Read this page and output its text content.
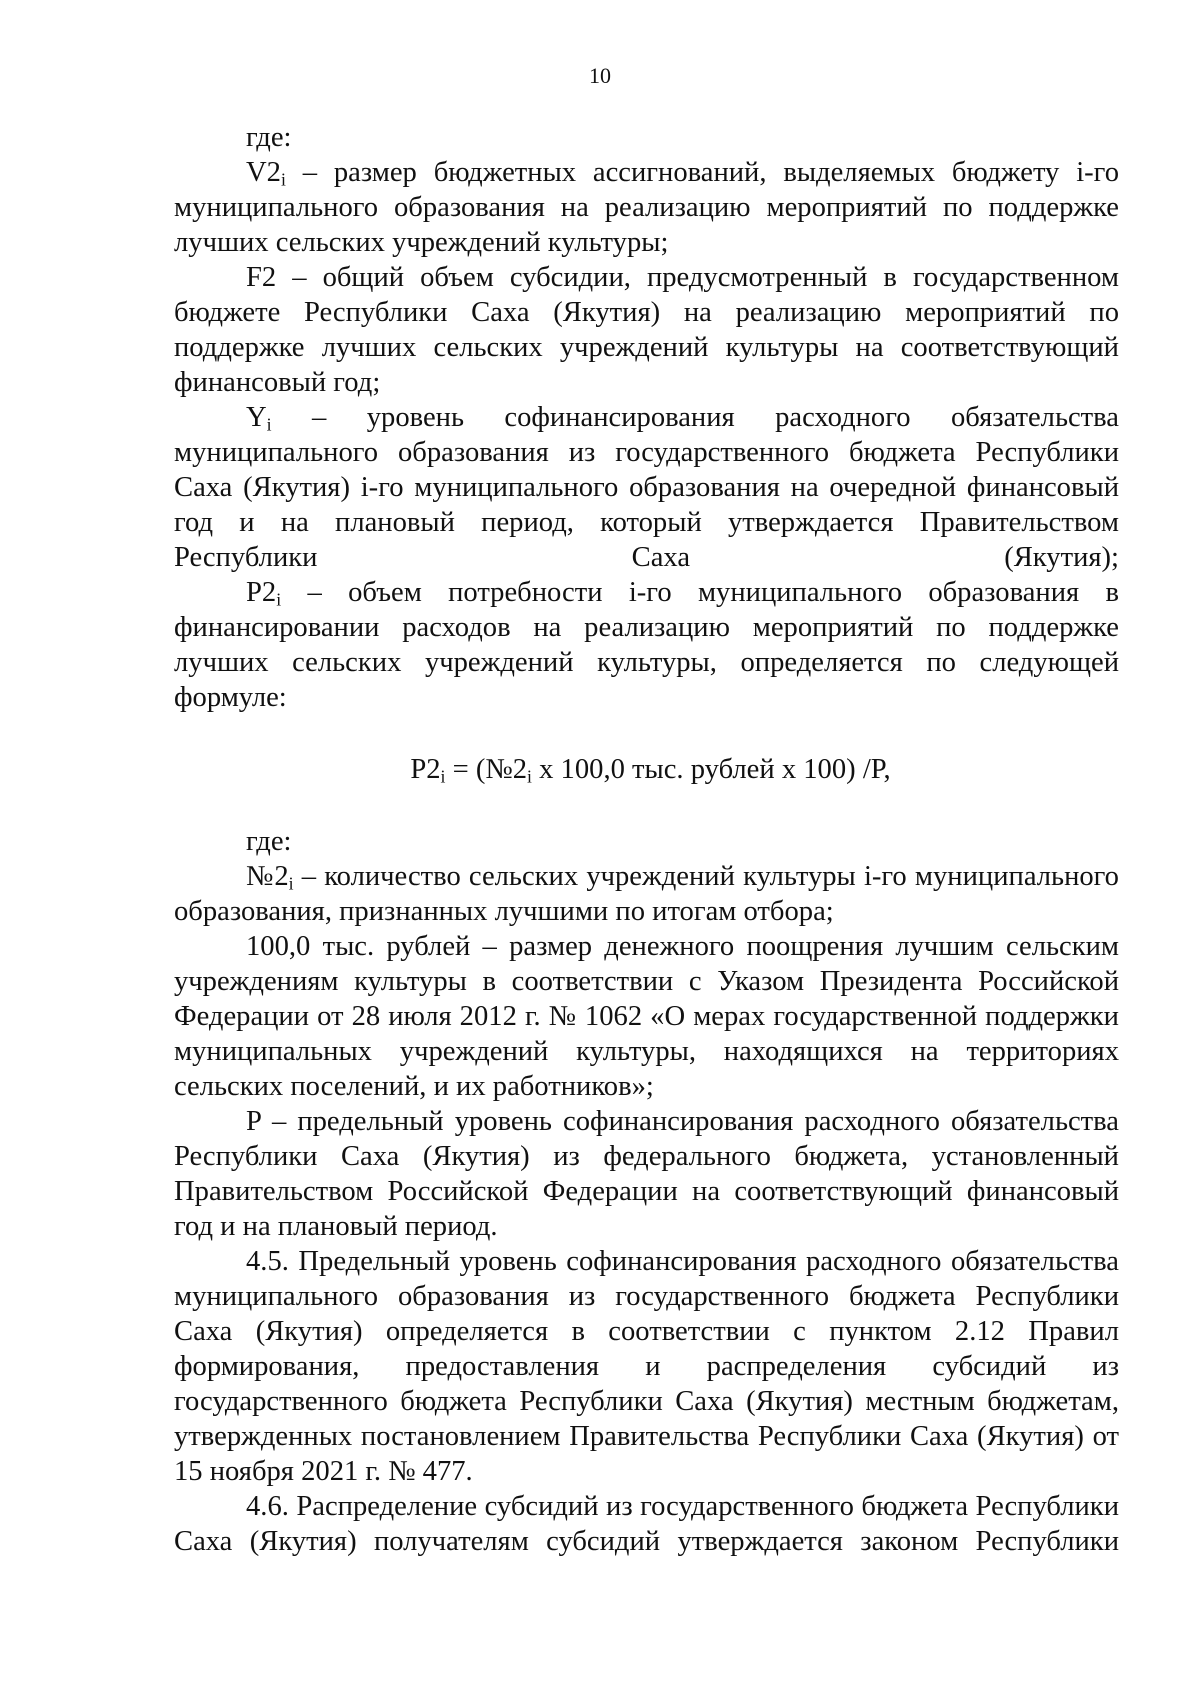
10

где:

$V2_i$ – размер бюджетных ассигнований, выделяемых бюджету i-го муниципального образования на реализацию мероприятий по поддержке лучших сельских учреждений культуры;

F2 – общий объем субсидии, предусмотренный в государственном бюджете Республики Саха (Якутия) на реализацию мероприятий по поддержке лучших сельских учреждений культуры на соответствующий финансовый год;

$Y_i$ – уровень софинансирования расходного обязательства муниципального образования из государственного бюджета Республики Саха (Якутия) i-го муниципального образования на очередной финансовый год и на плановый период, который утверждается Правительством Республики Саха (Якутия);

$P2_i$ – объем потребности i-го муниципального образования в финансировании расходов на реализацию мероприятий по поддержке лучших сельских учреждений культуры, определяется по следующей формуле:

$P2_i$ = ($№2_i$ х 100,0 тыс. рублей х 100) /P,

где:

$№2_i$ – количество сельских учреждений культуры i-го муниципального образования, признанных лучшими по итогам отбора;

100,0 тыс. рублей – размер денежного поощрения лучшим сельским учреждениям культуры в соответствии с Указом Президента Российской Федерации от 28 июля 2012 г. № 1062 «О мерах государственной поддержки муниципальных учреждений культуры, находящихся на территориях сельских поселений, и их работников»;

P – предельный уровень софинансирования расходного обязательства Республики Саха (Якутия) из федерального бюджета, установленный Правительством Российской Федерации на соответствующий финансовый год и на плановый период.

4.5. Предельный уровень софинансирования расходного обязательства муниципального образования из государственного бюджета Республики Саха (Якутия) определяется в соответствии с пунктом 2.12 Правил формирования, предоставления и распределения субсидий из государственного бюджета Республики Саха (Якутия) местным бюджетам, утвержденных постановлением Правительства Республики Саха (Якутия) от 15 ноября 2021 г. № 477.

4.6. Распределение субсидий из государственного бюджета Республики Саха (Якутия) получателям субсидий утверждается законом Республики
